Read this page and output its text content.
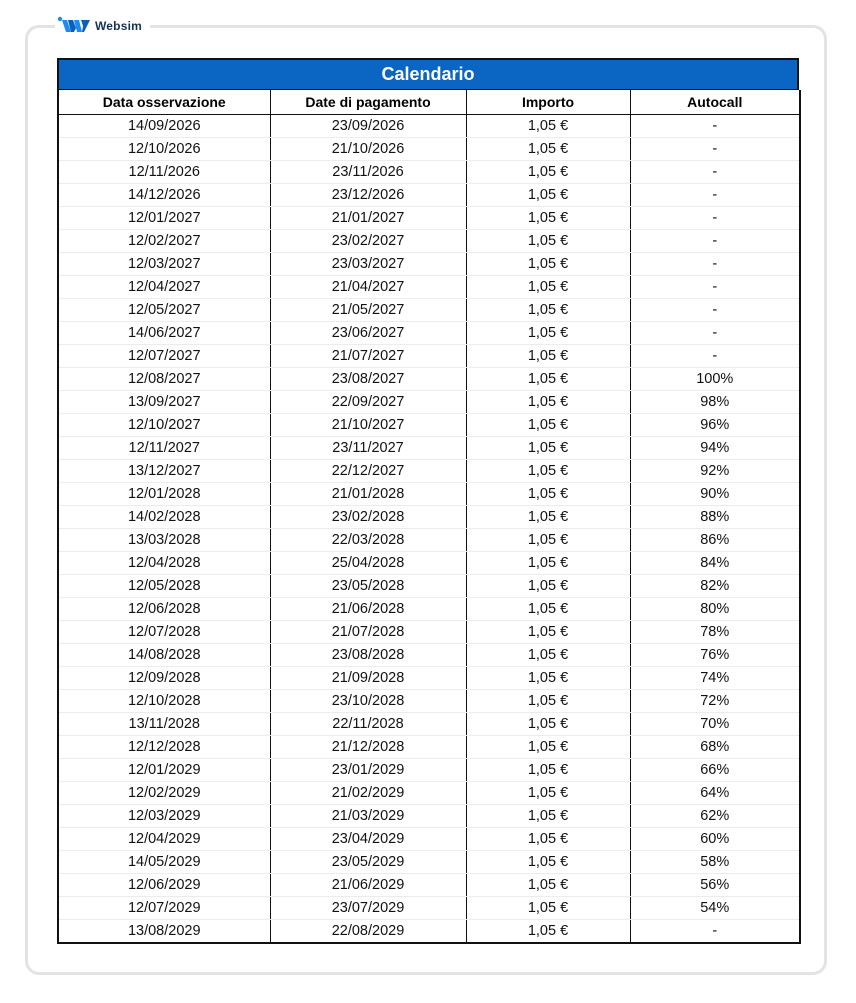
Websim
Calendario
Data osservazione	Date di pagamento	Importo	Autocall
14/09/2026	23/09/2026	1,05 €	-
12/10/2026	21/10/2026	1,05 €	-
12/11/2026	23/11/2026	1,05 €	-
14/12/2026	23/12/2026	1,05 €	-
12/01/2027	21/01/2027	1,05 €	-
12/02/2027	23/02/2027	1,05 €	-
12/03/2027	23/03/2027	1,05 €	-
12/04/2027	21/04/2027	1,05 €	-
12/05/2027	21/05/2027	1,05 €	-
14/06/2027	23/06/2027	1,05 €	-
12/07/2027	21/07/2027	1,05 €	-
12/08/2027	23/08/2027	1,05 €	100%
13/09/2027	22/09/2027	1,05 €	98%
12/10/2027	21/10/2027	1,05 €	96%
12/11/2027	23/11/2027	1,05 €	94%
13/12/2027	22/12/2027	1,05 €	92%
12/01/2028	21/01/2028	1,05 €	90%
14/02/2028	23/02/2028	1,05 €	88%
13/03/2028	22/03/2028	1,05 €	86%
12/04/2028	25/04/2028	1,05 €	84%
12/05/2028	23/05/2028	1,05 €	82%
12/06/2028	21/06/2028	1,05 €	80%
12/07/2028	21/07/2028	1,05 €	78%
14/08/2028	23/08/2028	1,05 €	76%
12/09/2028	21/09/2028	1,05 €	74%
12/10/2028	23/10/2028	1,05 €	72%
13/11/2028	22/11/2028	1,05 €	70%
12/12/2028	21/12/2028	1,05 €	68%
12/01/2029	23/01/2029	1,05 €	66%
12/02/2029	21/02/2029	1,05 €	64%
12/03/2029	21/03/2029	1,05 €	62%
12/04/2029	23/04/2029	1,05 €	60%
14/05/2029	23/05/2029	1,05 €	58%
12/06/2029	21/06/2029	1,05 €	56%
12/07/2029	23/07/2029	1,05 €	54%
13/08/2029	22/08/2029	1,05 €	-
